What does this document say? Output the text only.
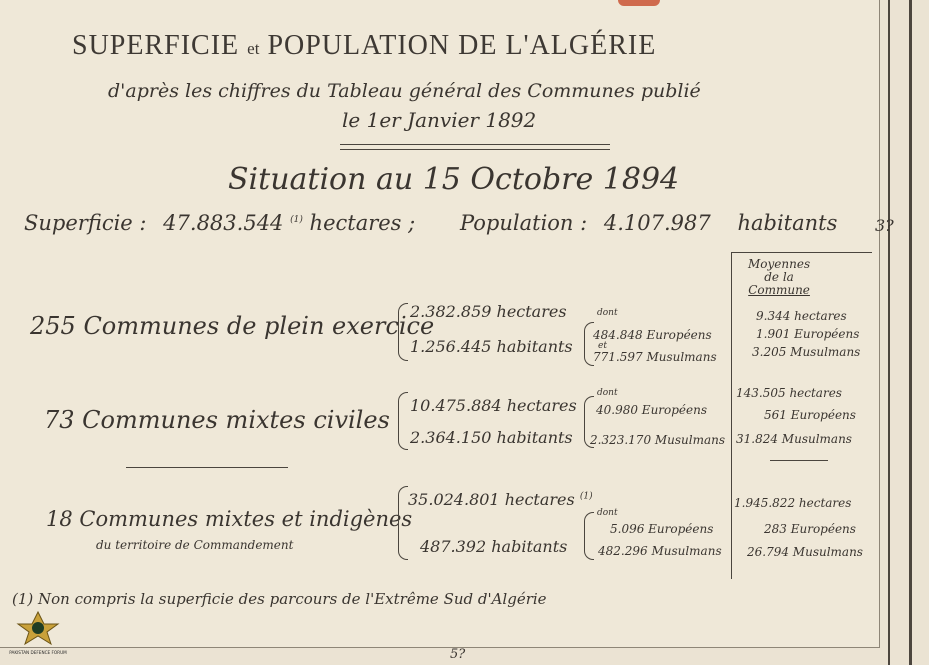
SUPERFICIE et POPULATION DE L'ALGÉRIE
d'après les chiffres du Tableau général des Communes publié
le 1er Janvier 1892
Situation au 15 Octobre 1894
Superficie : 47.883.544 $^{(1)}$ hectares ; Population : 4.107.987 habitants 3?
Moyennes
de la
Commune
255 Communes de plein exercice
2.382.859 hectares
1.256.445 habitants
dont
484.848 Européens
et
771.597 Musulmans
9.344 hectares
1.901 Européens
3.205 Musulmans
73 Communes mixtes civiles
10.475.884 hectares
2.364.150 habitants
dont
40.980 Européens
2.323.170 Musulmans
143.505 hectares
561 Européens
31.824 Musulmans
18 Communes mixtes et indigènes
du territoire de Commandement
35.024.801 hectares $^{(1)}$
487.392 habitants
dont
5.096 Européens
482.296 Musulmans
1.945.822 hectares
283 Européens
26.794 Musulmans
(1) Non compris la superficie des parcours de l'Extrême Sud d'Algérie
5?
PAKISTAN DEFENCE FORUM
